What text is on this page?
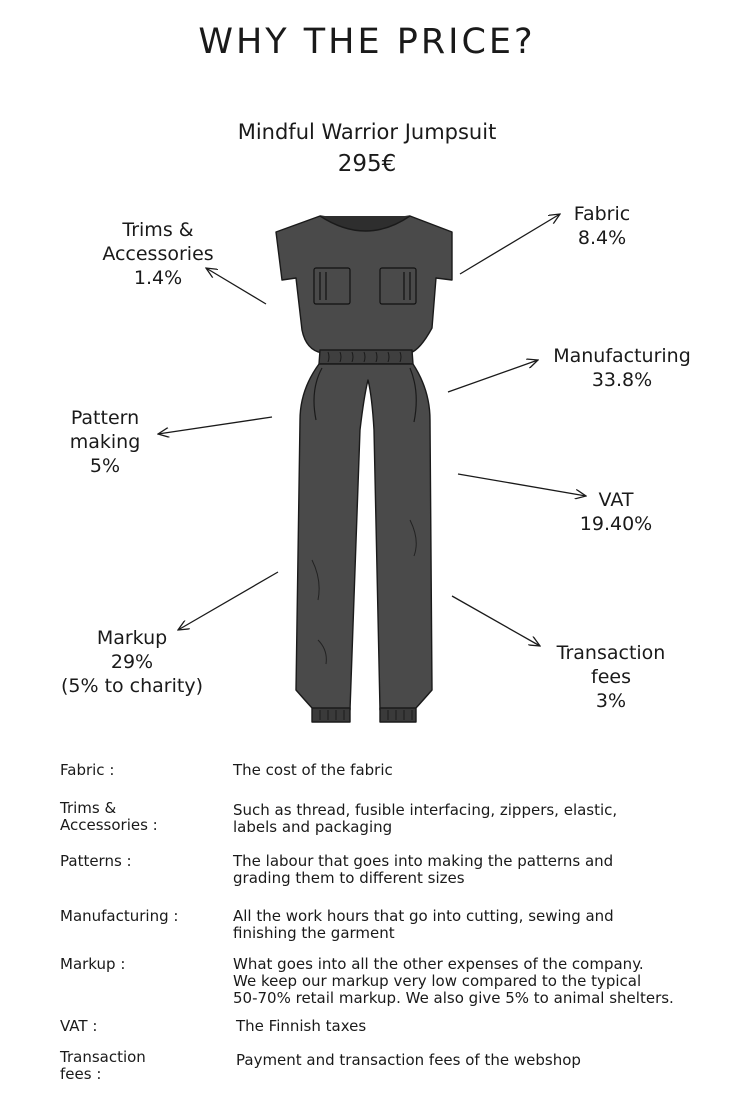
WHY THE PRICE?
Mindful Warrior Jumpsuit
295€
Fabric
8.4%
Trims &
Accessories
1.4%
Manufacturing
33.8%
Pattern
making
5%
VAT
19.40%
Markup
29%
(5% to charity)
Transaction
fees
3%
Fabric :	The cost of the fabric
Trims &
Accessories :
Such as thread, fusible interfacing, zippers, elastic,
labels and packaging
Patterns :	The labour that goes into making the patterns and
grading them to different sizes
Manufacturing :	All the work hours that go into cutting, sewing and
finishing the garment
Markup :	What goes into all the other expenses of the company.
We keep our markup very low compared to the typical
50-70% retail markup. We also give 5% to animal shelters.
VAT :	The Finnish taxes
Transaction
fees :
Payment and transaction fees of the webshop
